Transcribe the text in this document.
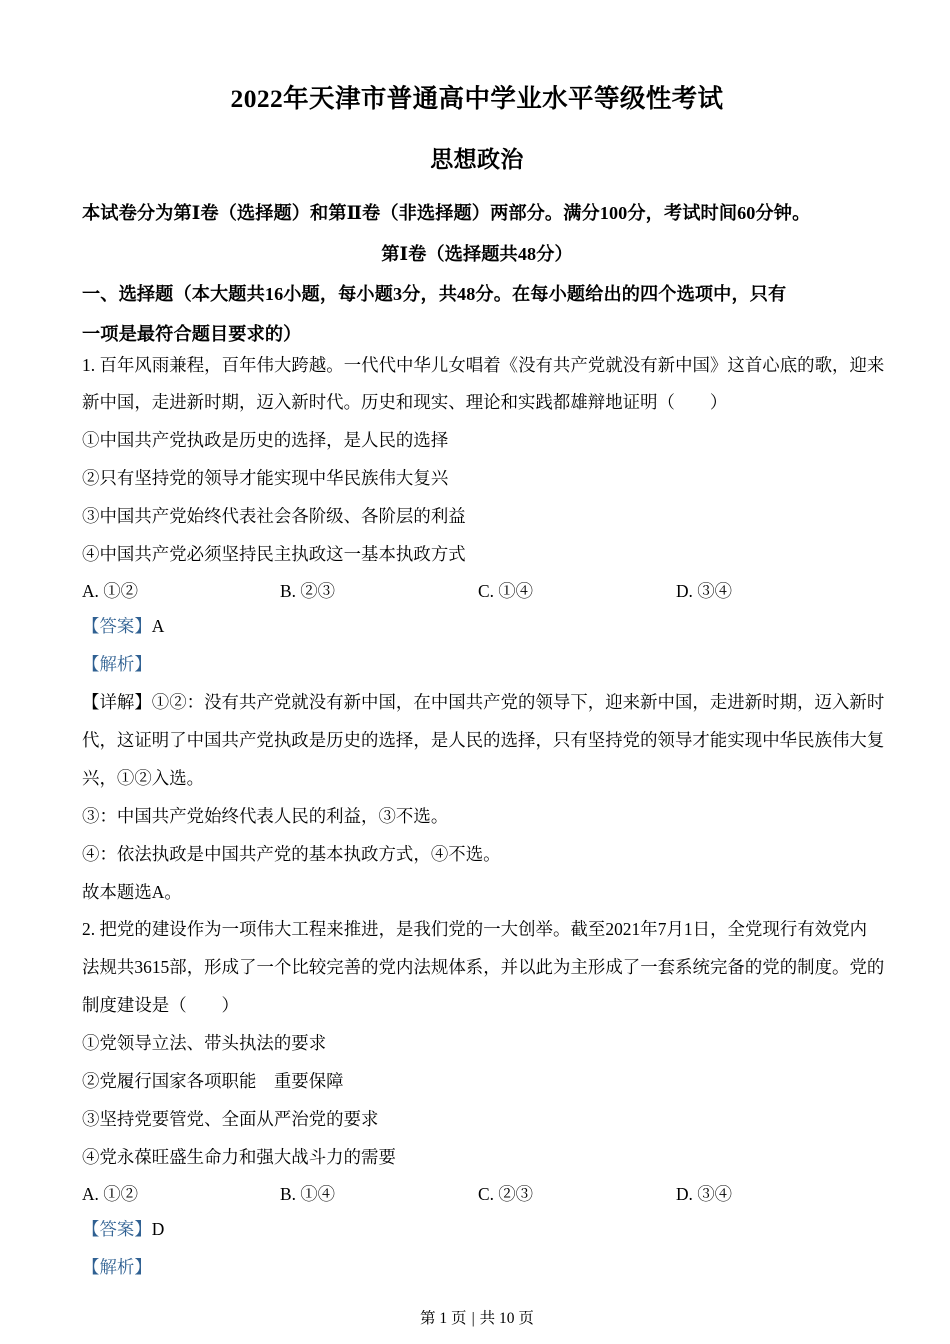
2022年天津市普通高中学业水平等级性考试
思想政治
本试卷分为第Ⅰ卷（选择题）和第Ⅱ卷（非选择题）两部分。满分100分，考试时间60分钟。
第Ⅰ卷（选择题共48分）
一、选择题（本大题共16小题，每小题3分，共48分。在每小题给出的四个选项中，只有
一项是最符合题目要求的）
1. 百年风雨兼程，百年伟大跨越。一代代中华儿女唱着《没有共产党就没有新中国》这首心底的歌，迎来
新中国，走进新时期，迈入新时代。历史和现实、理论和实践都雄辩地证明（　　）
①中国共产党执政是历史的选择，是人民的选择
②只有坚持党的领导才能实现中华民族伟大复兴
③中国共产党始终代表社会各阶级、各阶层的利益
④中国共产党必须坚持民主执政这一基本执政方式
A. ①②	B. ②③	C. ①④	D. ③④
【答案】A
【解析】
【详解】①②：没有共产党就没有新中国，在中国共产党的领导下，迎来新中国，走进新时期，迈入新时
代，这证明了中国共产党执政是历史的选择，是人民的选择，只有坚持党的领导才能实现中华民族伟大复
兴，①②入选。
③：中国共产党始终代表人民的利益，③不选。
④：依法执政是中国共产党的基本执政方式，④不选。
故本题选A。
2. 把党的建设作为一项伟大工程来推进，是我们党的一大创举。截至2021年7月1日，全党现行有效党内
法规共3615部，形成了一个比较完善的党内法规体系，并以此为主形成了一套系统完备的党的制度。党的
制度建设是（　　）
①党领导立法、带头执法的要求
②党履行国家各项职能　重要保障
③坚持党要管党、全面从严治党的要求
④党永葆旺盛生命力和强大战斗力的需要
A. ①②	B. ①④	C. ②③	D. ③④
【答案】D
【解析】
第 1 页 | 共 10 页
